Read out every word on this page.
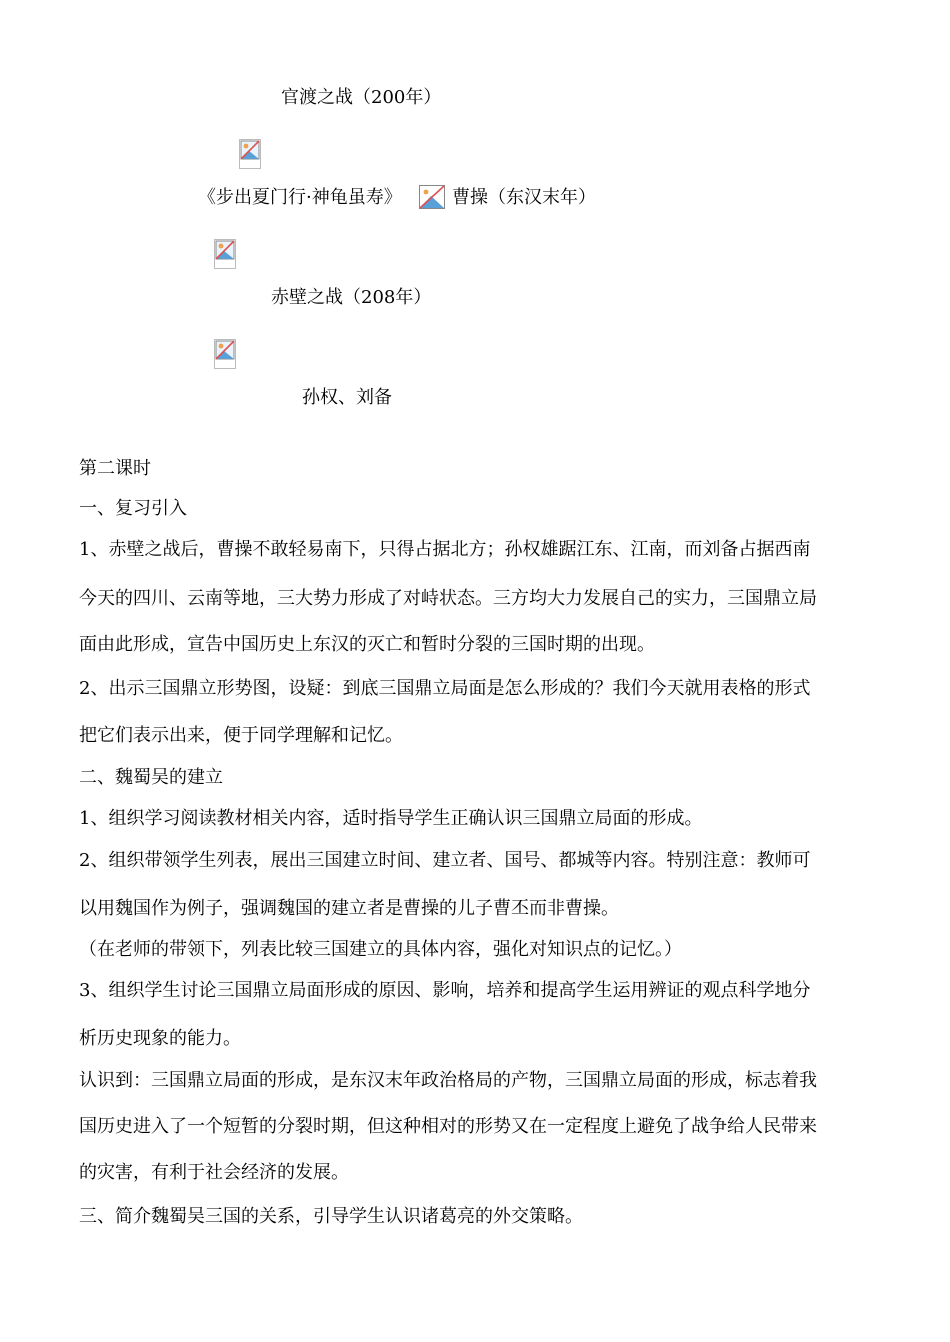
官渡之战（200年）
《步出夏门行·神龟虽寿》	曹操（东汉末年）
赤壁之战（208年）
孙权、刘备
第二课时
一、复习引入
1、赤壁之战后，曹操不敢轻易南下，只得占据北方；孙权雄踞江东、江南，而刘备占据西南
今天的四川、云南等地，三大势力形成了对峙状态。三方均大力发展自己的实力，三国鼎立局
面由此形成，宣告中国历史上东汉的灭亡和暂时分裂的三国时期的出现。
2、出示三国鼎立形势图，设疑：到底三国鼎立局面是怎么形成的？我们今天就用表格的形式
把它们表示出来，便于同学理解和记忆。
二、魏蜀吴的建立
1、组织学习阅读教材相关内容，适时指导学生正确认识三国鼎立局面的形成。
2、组织带领学生列表，展出三国建立时间、建立者、国号、都城等内容。特别注意：教师可
以用魏国作为例子，强调魏国的建立者是曹操的儿子曹丕而非曹操。
（在老师的带领下，列表比较三国建立的具体内容，强化对知识点的记忆。）
3、组织学生讨论三国鼎立局面形成的原因、影响，培养和提高学生运用辨证的观点科学地分
析历史现象的能力。
认识到：三国鼎立局面的形成，是东汉末年政治格局的产物，三国鼎立局面的形成，标志着我
国历史进入了一个短暂的分裂时期，但这种相对的形势又在一定程度上避免了战争给人民带来
的灾害，有利于社会经济的发展。
三、简介魏蜀吴三国的关系，引导学生认识诸葛亮的外交策略。
